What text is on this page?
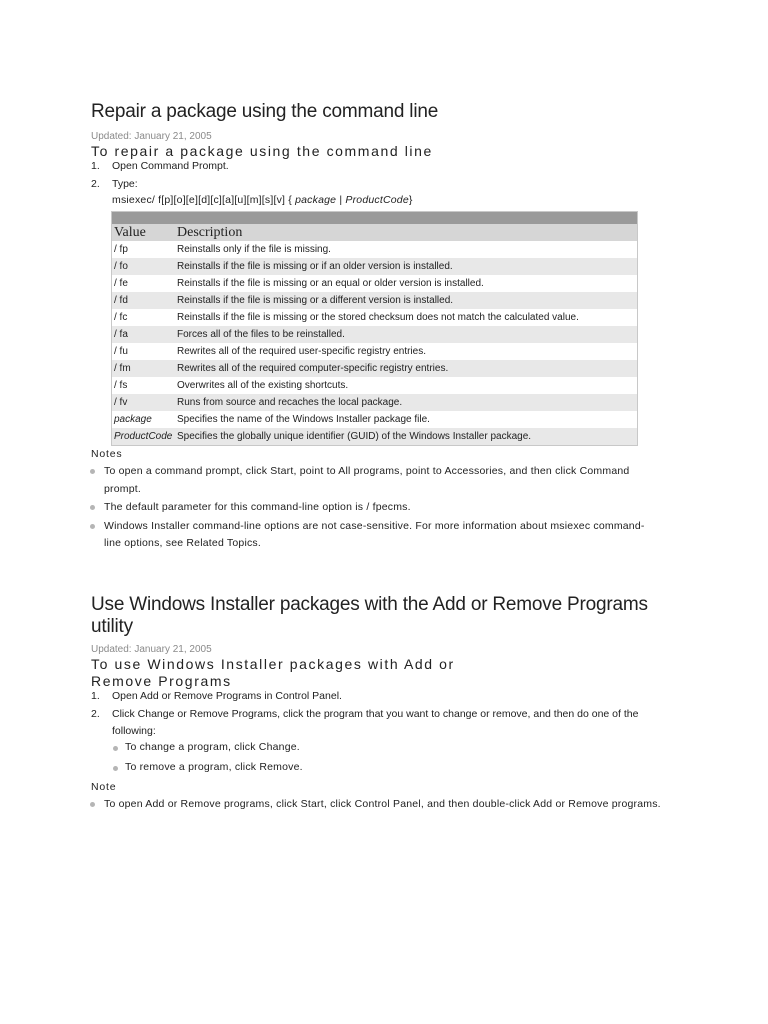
Repair a package using the command line

Updated: January 21, 2005

To repair a package using the command line
1. Open Command Prompt.
2. Type:
msiexec/ f[p][o][e][d][c][a][u][m][s][v] { package | ProductCode}

Value	Description
/ fp	Reinstalls only if the file is missing.
/ fo	Reinstalls if the file is missing or if an older version is installed.
/ fe	Reinstalls if the file is missing or an equal or older version is installed.
/ fd	Reinstalls if the file is missing or a different version is installed.
/ fc	Reinstalls if the file is missing or the stored checksum does not match the calculated value.
/ fa	Forces all of the files to be reinstalled.
/ fu	Rewrites all of the required user-specific registry entries.
/ fm	Rewrites all of the required computer-specific registry entries.
/ fs	Overwrites all of the existing shortcuts.
/ fv	Runs from source and recaches the local package.
package	Specifies the name of the Windows Installer package file.
ProductCode	Specifies the globally unique identifier (GUID) of the Windows Installer package.

Notes

To open a command prompt, click Start, point to All programs, point to Accessories, and then click Command prompt.
The default parameter for this command-line option is / fpecms.
Windows Installer command-line options are not case-sensitive. For more information about msiexec command-line options, see Related Topics.
Use Windows Installer packages with the Add or Remove Programs utility

Updated: January 21, 2005

To use Windows Installer packages with Add or
Remove Programs
1. Open Add or Remove Programs in Control Panel.
2. Click Change or Remove Programs, click the program that you want to change or remove, and then do one of the following:
To change a program, click Change.
To remove a program, click Remove.

Note

To open Add or Remove programs, click Start, click Control Panel, and then double-click Add or Remove programs.
